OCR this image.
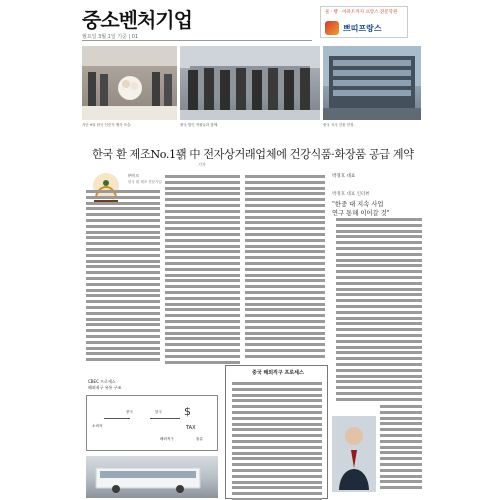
중소벤처기업
월요일 3월 1일 기준 | 01
물 · 빵 · 아파트까지 프랑스 전문학원
쁘띠프랑스
지난 9일 한국 인증식 행사 모습.	중국 법인 직원들과 함께.	중국 지사 건물 전경.
한국 환 제조No.1꽭 中 전자상거래업체에 건강식품·화장품 공급 계약
기자
㈜미르
한국 환 제조 전문기업
박경호 대표 인터뷰
"한중 대 지속 사업
연구 통해 이어갈 것"
CBEC 프로세스
해외직구 유통 구조
소비자
중국	한국
해외직구	물류
$
TAX
중국 해외직구 프로세스
박경호 대표
